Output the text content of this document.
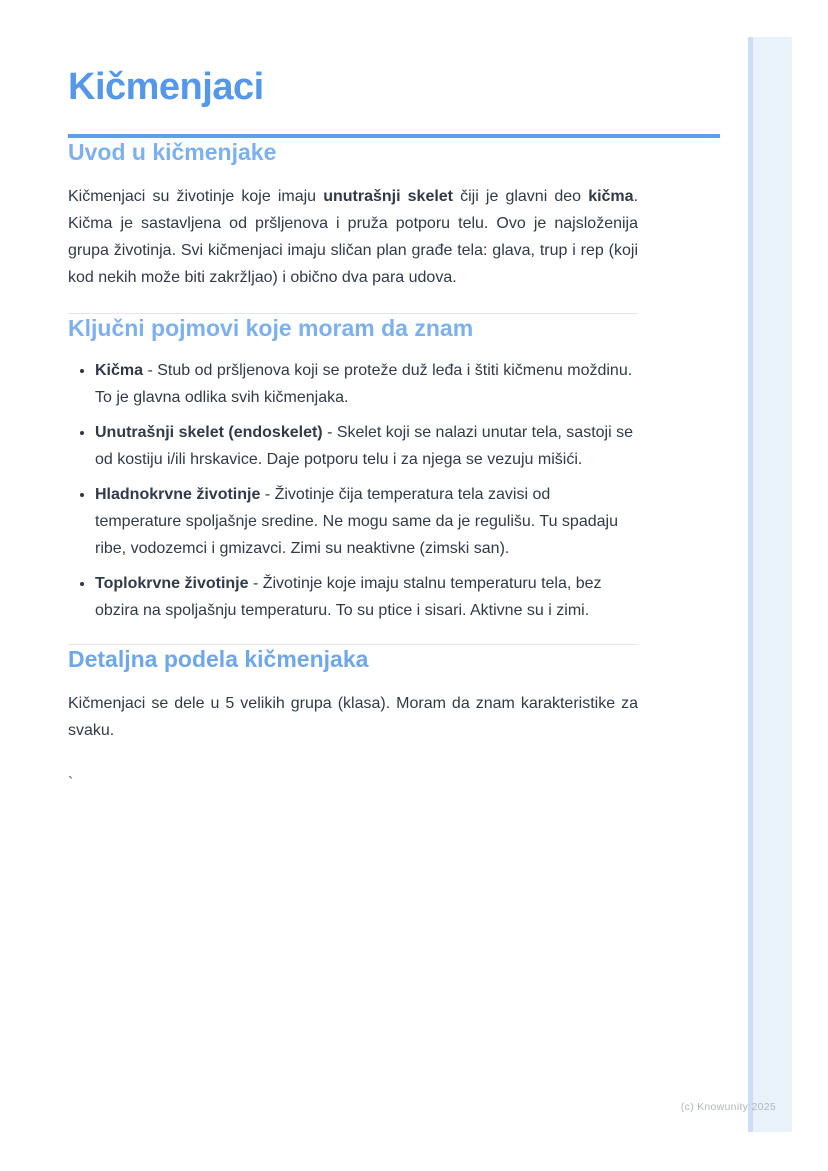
Kičmenjaci
Uvod u kičmenjake

Kičmenjaci su životinje koje imaju unutrašnji skelet čiji je glavni deo kičma. Kičma je sastavljena od pršljenova i pruža potporu telu. Ovo je najsloženija grupa životinja. Svi kičmenjaci imaju sličan plan građe tela: glava, trup i rep (koji kod nekih može biti zakržljao) i obično dva para udova.

Ključni pojmovi koje moram da znam
• Kičma - Stub od pršljenova koji se proteže duž leđa i štiti kičmenu moždinu. To je glavna odlika svih kičmenjaka.
• Unutrašnji skelet (endoskelet) - Skelet koji se nalazi unutar tela, sastoji se od kostiju i/ili hrskavice. Daje potporu telu i za njega se vezuju mišići.
• Hladnokrvne životinje - Životinje čija temperatura tela zavisi od temperature spoljašnje sredine. Ne mogu same da je regulišu. Tu spadaju ribe, vodozemci i gmizavci. Zimi su neaktivne (zimski san).
• Toplokrvne životinje - Životinje koje imaju stalnu temperaturu tela, bez obzira na spoljašnju temperaturu. To su ptice i sisari. Aktivne su i zimi.
Detaljna podela kičmenjaka

Kičmenjaci se dele u 5 velikih grupa (klasa). Moram da znam karakteristike za svaku.

`

(c) Knowunity 2025
